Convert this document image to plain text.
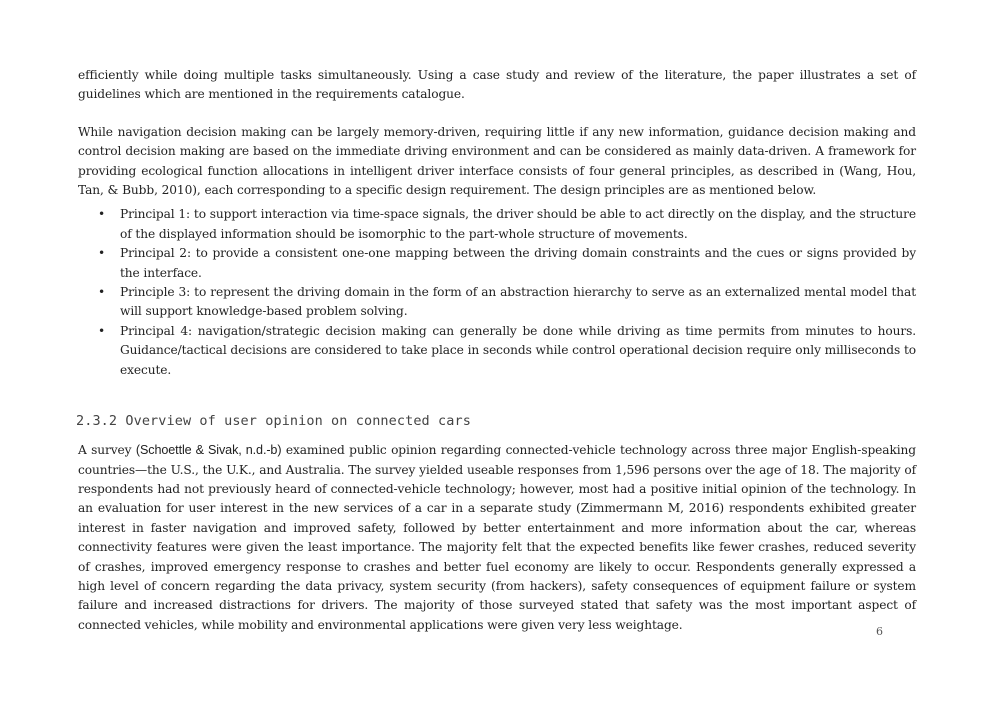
efficiently while doing multiple tasks simultaneously. Using a case study and review of the literature, the paper illustrates a set of guidelines which are mentioned in the requirements catalogue.

While navigation decision making can be largely memory-driven, requiring little if any new information, guidance decision making and control decision making are based on the immediate driving environment and can be considered as mainly data-driven. A framework for providing ecological function allocations in intelligent driver interface consists of four general principles, as described in (Wang, Hou, Tan, & Bubb, 2010), each corresponding to a specific design requirement. The design principles are as mentioned below.

• Principal 1: to support interaction via time-space signals, the driver should be able to act directly on the display, and the structure of the displayed information should be isomorphic to the part-whole structure of movements.
• Principal 2: to provide a consistent one-one mapping between the driving domain constraints and the cues or signs provided by the interface.
• Principle 3: to represent the driving domain in the form of an abstraction hierarchy to serve as an externalized mental model that will support knowledge-based problem solving.
• Principal 4: navigation/strategic decision making can generally be done while driving as time permits from minutes to hours. Guidance/tactical decisions are considered to take place in seconds while control operational decision require only milliseconds to execute.
2.3.2 Overview of user opinion on connected cars

A survey (Schoettle & Sivak, n.d.-b) examined public opinion regarding connected-vehicle technology across three major English-speaking countries—the U.S., the U.K., and Australia. The survey yielded useable responses from 1,596 persons over the age of 18. The majority of respondents had not previously heard of connected-vehicle technology; however, most had a positive initial opinion of the technology. In an evaluation for user interest in the new services of a car in a separate study (Zimmermann M, 2016) respondents exhibited greater interest in faster navigation and improved safety, followed by better entertainment and more information about the car, whereas connectivity features were given the least importance. The majority felt that the expected benefits like fewer crashes, reduced severity of crashes, improved emergency response to crashes and better fuel economy are likely to occur. Respondents generally expressed a high level of concern regarding the data privacy, system security (from hackers), safety consequences of equipment failure or system failure and increased distractions for drivers. The majority of those surveyed stated that safety was the most important aspect of connected vehicles, while mobility and environmental applications were given very less weightage.	6
